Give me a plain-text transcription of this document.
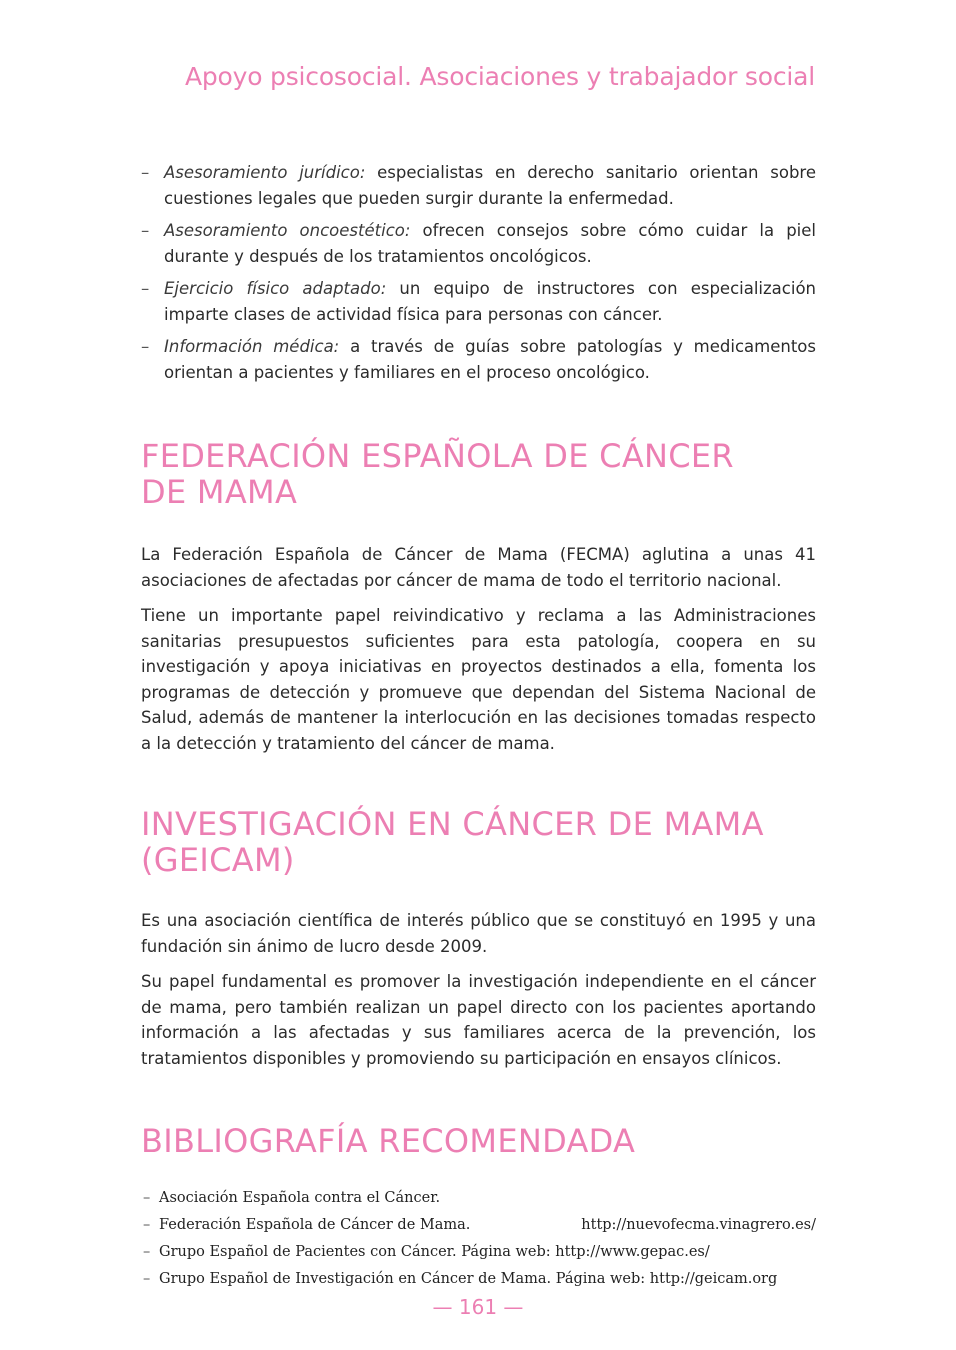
Apoyo psicosocial. Asociaciones y trabajador social
– Asesoramiento jurídico: especialistas en derecho sanitario orientan sobre cuestiones legales que pueden surgir durante la enfermedad.
– Asesoramiento oncoestético: ofrecen consejos sobre cómo cuidar la piel durante y después de los tratamientos oncológicos.
– Ejercicio físico adaptado: un equipo de instructores con especialización imparte clases de actividad física para personas con cáncer.
– Información médica: a través de guías sobre patologías y medicamentos orientan a pacientes y familiares en el proceso oncológico.
FEDERACIÓN ESPAÑOLA DE CÁNCER
DE MAMA

La Federación Española de Cáncer de Mama (FECMA) aglutina a unas 41 asociaciones de afectadas por cáncer de mama de todo el territorio nacional.

Tiene un importante papel reivindicativo y reclama a las Administraciones sanitarias presupuestos suficientes para esta patología, coopera en su investigación y apoya iniciativas en proyectos destinados a ella, fomenta los programas de detección y promueve que dependan del Sistema Nacional de Salud, además de mantener la interlocución en las decisiones tomadas respecto a la detección y tratamiento del cáncer de mama.

INVESTIGACIÓN EN CÁNCER DE MAMA
(GEICAM)

Es una asociación científica de interés público que se constituyó en 1995 y una fundación sin ánimo de lucro desde 2009.

Su papel fundamental es promover la investigación independiente en el cáncer de mama, pero también realizan un papel directo con los pacientes aportando información a las afectadas y sus familiares acerca de la prevención, los tratamientos disponibles y promoviendo su participación en ensayos clínicos.

BIBLIOGRAFÍA RECOMENDADA
– Asociación Española contra el Cáncer.
– Federación Española de Cáncer de Mama.	http://nuevofecma.vinagrero.es/
– Grupo Español de Pacientes con Cáncer. Página web: http://www.gepac.es/
– Grupo Español de Investigación en Cáncer de Mama. Página web: http://geicam.org
— 161 —
